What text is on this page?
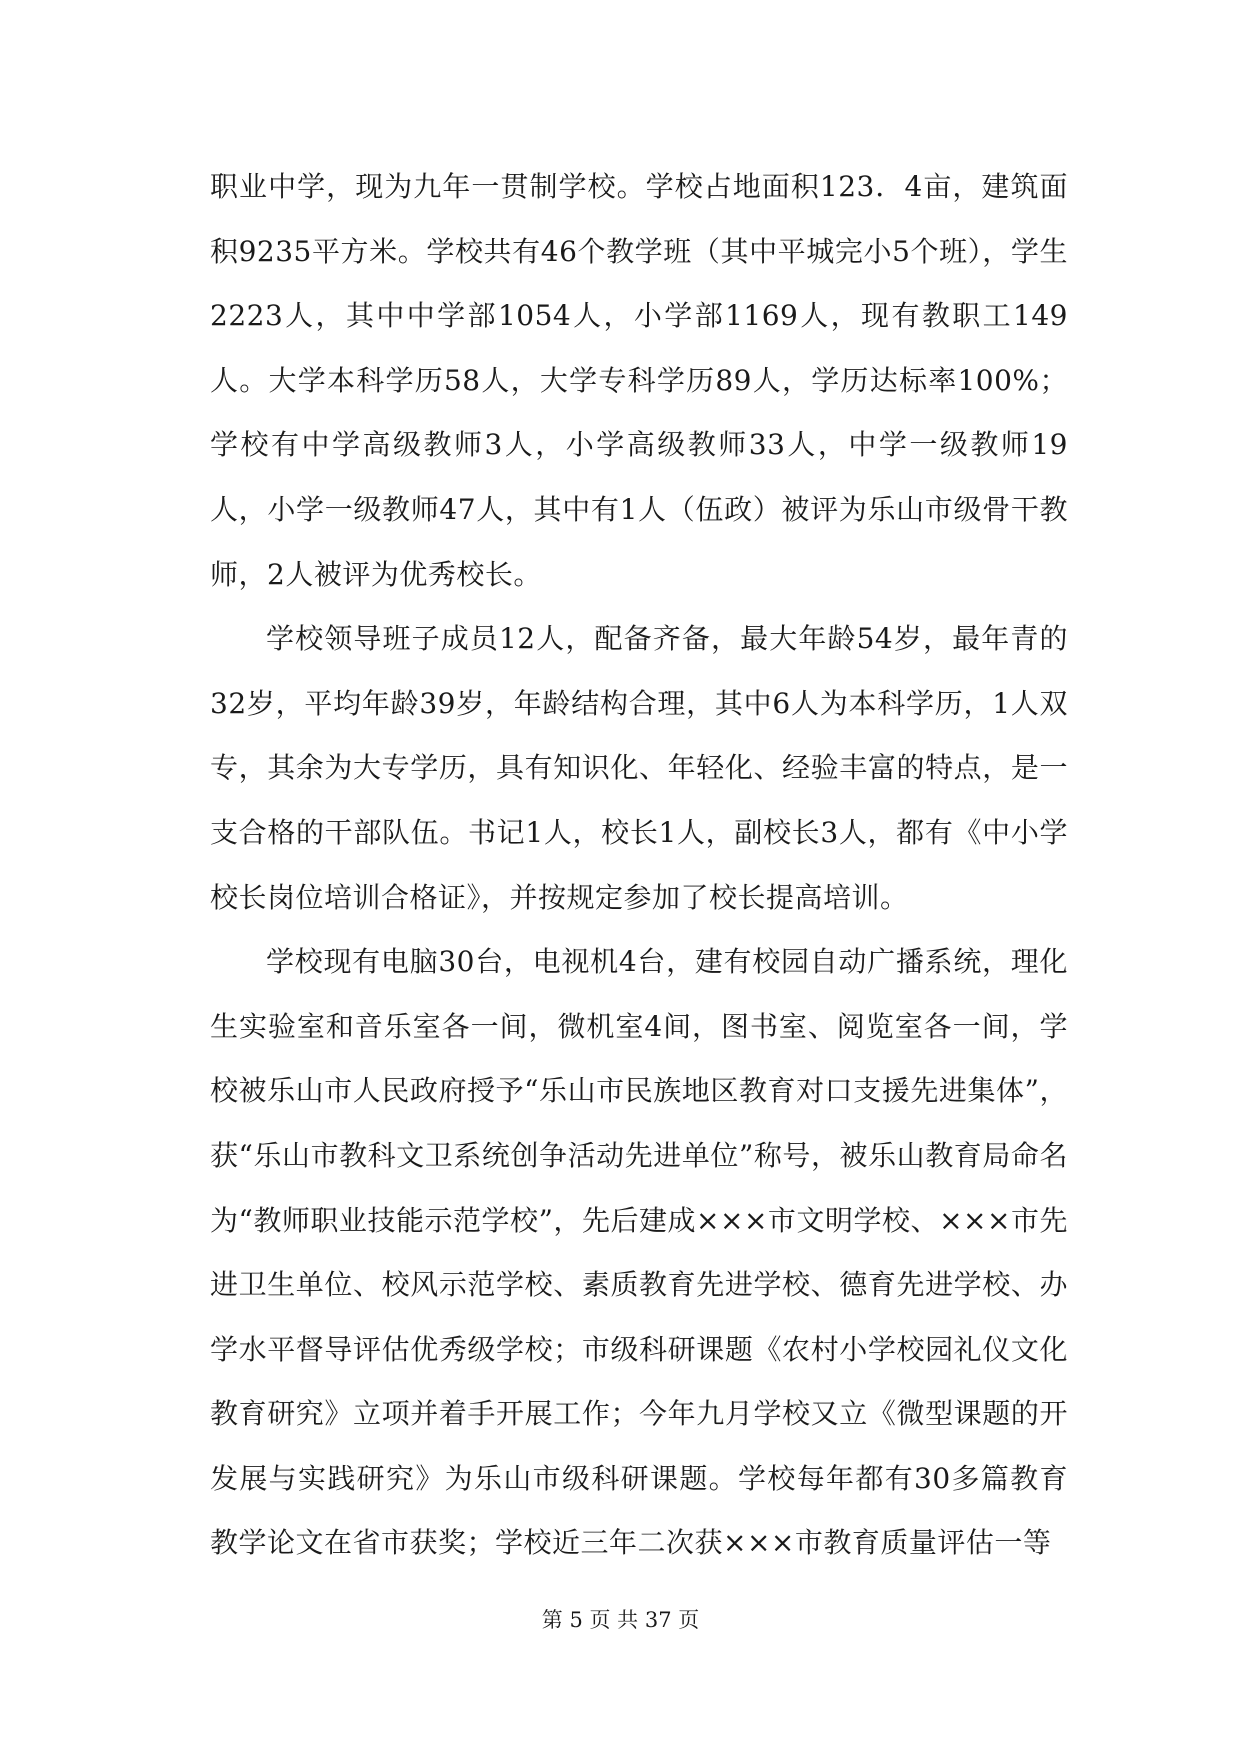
职业中学，现为九年一贯制学校。学校占地面积123．4亩，建筑面积9235平方米。学校共有46个教学班（其中平城完小5个班），学生2223人，其中中学部1054人，小学部1169人，现有教职工149人。大学本科学历58人，大学专科学历89人，学历达标率100%；学校有中学高级教师3人，小学高级教师33人，中学一级教师19人，小学一级教师47人，其中有1人（伍政）被评为乐山市级骨干教师，2人被评为优秀校长。

学校领导班子成员12人，配备齐备，最大年龄54岁，最年青的32岁，平均年龄39岁，年龄结构合理，其中6人为本科学历，1人双专，其余为大专学历，具有知识化、年轻化、经验丰富的特点，是一支合格的干部队伍。书记1人，校长1人，副校长3人，都有《中小学校长岗位培训合格证》，并按规定参加了校长提高培训。

学校现有电脑30台，电视机4台，建有校园自动广播系统，理化生实验室和音乐室各一间，微机室4间，图书室、阅览室各一间，学校被乐山市人民政府授予“乐山市民族地区教育对口支援先进集体”，获“乐山市教科文卫系统创争活动先进单位”称号，被乐山教育局命名为“教师职业技能示范学校”，先后建成×××市文明学校、×××市先进卫生单位、校风示范学校、素质教育先进学校、德育先进学校、办学水平督导评估优秀级学校；市级科研课题《农村小学校园礼仪文化教育研究》立项并着手开展工作；今年九月学校又立《微型课题的开发展与实践研究》为乐山市级科研课题。学校每年都有30多篇教育教学论文在省市获奖；学校近三年二次获×××市教育质量评估一等

第 5 页 共 37 页
